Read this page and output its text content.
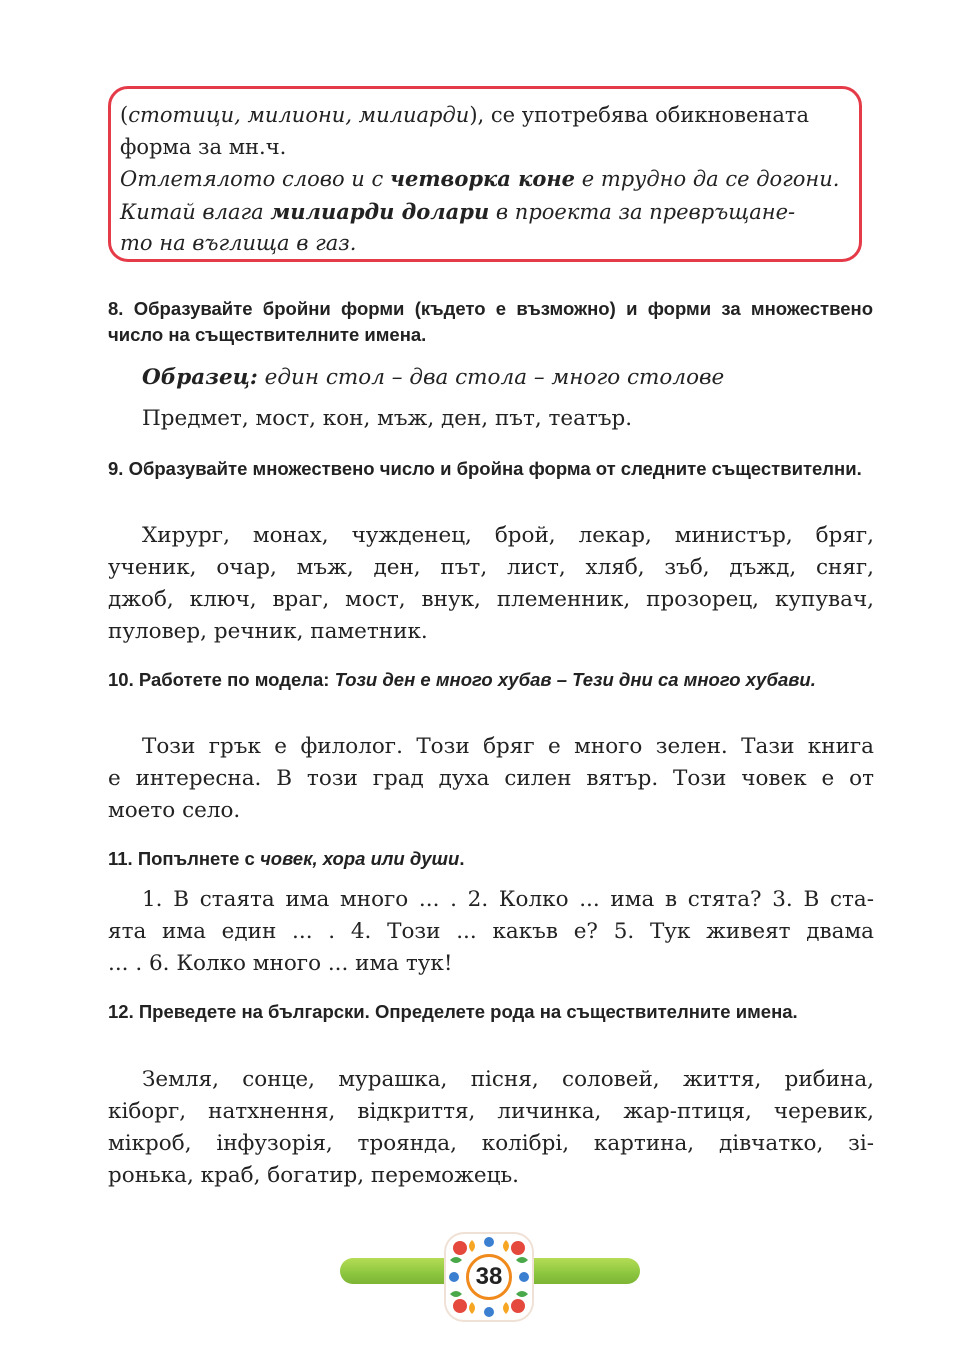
(стотици, милиони, милиарди), се употребява обикновената
форма за мн.ч.
Отлетялото слово и с четворка коне е трудно да се догони.
Китай влага милиарди долари в проекта за превръщане-
то на въглища в газ.
8. Образувайте бройни форми (където е възможно) и форми за множествено число на съществителните имена.
Образец: един стол – два стола – много столове
Предмет, мост, кон, мъж, ден, път, театър.
9. Образувайте множествено число и бройна форма от следните съществителни.
Хирург, монах, чужденец, брой, лекар, министър, бряг,
ученик, очар, мъж, ден, път, лист, хляб, зъб, дъжд, сняг,
джоб, ключ, враг, мост, внук, племенник, прозорец, купувач,
пуловер, речник, паметник.
10. Работете по модела: Този ден е много хубав – Тези дни са много хубави.
Този грък е филолог. Този бряг е много зелен. Тази книга
е интересна. В този град духа силен вятър. Този човек е от
моето село.
11. Попълнете с човек, хора или души.
1. В стаята има много ... . 2. Колко ... има в стята? 3. В ста-
ята има един ... . 4. Този ... какъв е? 5. Тук живеят двама
... . 6. Колко много ... има тук!
12. Преведете на български. Определете рода на съществителните имена.
Земля, сонце, мурашка, пісня, соловей, життя, рибина,
кіборг, натхнення, відкриття, личинка, жар-птиця, черевик,
мікроб, інфузорія, троянда, колібрі, картина, дівчатко, зі-
ронька, краб, богатир, переможець.
38
